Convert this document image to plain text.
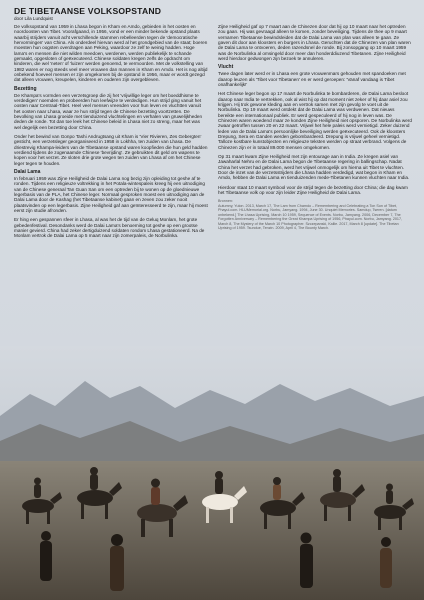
DE TIBETAANSE VOLKSOPSTAND
door Lila Lundquist

De volksopstand van 1959 in Lhasa begon in Kham en Amdo, gebieden in het oosten en noordoosten van Tibet. Voorafgaand, in 1956, vond er een minder bekende opstand plaats waarbij strijders vanuit acht verschillende stammen rebelleerden tegen de 'democratische hervormingen' van China. Als onderdeel hiervan werd al het grondgebied van de staat; boeren moesten hun oogsten overdragen aan Peking, waardoor ze zelf te weinig hadden. Hoge lama's en mensen die niet wilden meedoen, werdenen, werden publiekelijk te schande gemaakt, opgesloten of geëxecuteerd. Chinese soldaten kregen zelfs de opdracht om kinderen, die wel 'neten' of 'luizen' werden genoemd, te vermoorden. Met de volkstelling van 1982 waren er nog steeds veel meer vrouwen dan mannen in Kham en Amdo. Het is nog altijd onbekend hoeveel mensen er zijn omgekomen bij de opstand in 1956, maar er wordt gezegd dat alleen vrouwen, kreupelen, kinderen en ouderen zijn overgebleven.

Bezetting

De Khampa's vormden een verzetsgroep die zij het 'vrijwillige leger om het boeddhisme te verdedigen' noemden en probeerden hun leefwijze te verdedigen. Hun strijd ging vanuit het oosten naar Centraal-Tibet. Heel veel mensen vreesden voor hun leven en vluchtten vanuit het oosten naar Lhasa, waar ze hun strijd tegen de Chinese bezetting voortzetten. De bevolking van Lhasa groeide met tienduizend vluchtelingen en verhalen van gruwelijkheden deden de ronde. Tot dan toe leek het Chinese beleid in Lhasa niet zo streng, maar het was wel degelijk een bezetting door China.

Onder het bewind van Gonpo Tashi Andrugtsang uit Kham is 'Vier Rivieren, Zes Gebergten' gesticht, een verzetsleger georganiseerd in 1958 in Lokhha, ten zuiden van Lhasa. De driestrevig Khampa-leiders van de Tibetaanse opstand waren koopfieden die hun geld hadden verdiend tijdens de zogenaamde Chinese 'bevrijding'. Ze gebruikten dit geld om wapens te kopen voor het verzet. Ze sloten drie grote wegen ten zuiden van Lhasa af om het Chinese leger tegen te houden.

Dalai Lama

In februari 1959 was Zijne Heiligheid de Dalai Lama nog bezig zijn opleiding tot geshe af te ronden. Tijdens een religieuze voltrekking in het Potala-wintespaleis kreeg hij een uitnodiging van de Chinese generaal Tan Guan San om een optreden bij te wonen op de gloednieuwe legerbasis van de PLA, het Chinese leger. Normaal gesproken moest een uitnodiging aan de Dalai Lama door de Kashag (het Tibetaanse kabinet) gaan en zeven zou zeker nooit plaatsvinden op een legerbasis. Zijne Heiligheid gaf aan geïnteresseerd te zijn, maar hij moest eerst zijn studie afronden.

Er hing een gespannen sfeer in Lhasa, al was het de tijd van de Geluq Monlam, het grote gebedenfestival. Desondanks werd de Dalai Lama's benoeming tot geshe op een grootse manier gevierd. China had zeker dertigduizend soldaten rondom Lhasa gestationeerd. Na de Monlam vertrok de Dalai Lama op 5 maart naar zijn zomerpaleis, de Norbulinka.

Zijne Heiligheid gaf op 7 maart aan de Chinezen door dat hij op 10 maart naar het optreden zou gaan. Hij was gevraagd alleen te komen, zonder beveiliging. Tijdens de thee op 9 maart vernamen Tibetaanse bewindsleiden dat de Dalai Lama van plan was alleen te gaan. Ze gaven dit door aan kloosters en burgers in Lhasa. Geruchten dat de Chinezen van plan waren de Dalai Lama te ontvoeren, deden razendsnel de ronde. Bij zonsopgang op 10 maart 1959 was de Norbulinka al omsingeld door meer dan honderddiuzend Tibetanen. Zijne Heiligheid werd hierdoor gedwongen zijn bezoek te annuleren.

Vlucht

Twee dagen later werd er in Lhasa een grote vrouwenmars gehouden met spandoeken met daarop leuzen als 'Tibet voor Tibetanen' en er werd geroepen: 'Vanaf vandaag is Tibet onafhankelijk!'

Het Chinese leger begon op 17 maart de Norbulinka te bombarderen, de Dalai Lama besloot daarop naar India te vertrekken, ook al wist hij op dat moment niet zeker of hij daar asiel zou krijgen. Hij trok gewone kleding aan en vertrok samen met zijn gevolg te voet uit de Norbulinka. Op 19 maart werd ontdekt dat de Dalai Lama was verdwenen. Dat nieuws bereikte een internationaal publiek. Er werd gespeculeerd of hij nog in leven was. De Chinezen waren woedend maar ze konden Zijne Heiligheid niet opsporen. De Norbulinka werd zwaar getroffen tussen 20 en 22 maart. Vrijwel het hele paleis werd vernietigd. Zeker duizend leden van de Dalai Lama's persoonlijke beveiliging werden geëxecuteerd. Ook de kloosters Drepung, Sera en Ganden werden gebombardeerd. Drepung is vrijwel geheel vernietigd. Talloze kostbare kunstobjecten en religieuze teksten werden op straat verbrand. Volgens de Chinezen zijn er in totaal 89.000 mensen omgekomen.

Op 31 maart kwam Zijne Heiligheid met zijn entourage aan in India. Ze kregen asiel van Jawaharlal Nehru en de Dalai Lama begon de Tibetaanse regering in ballingschap. Nadat China het verzet had gebroken, werd het vrijwel onmogelijk om hierna uit Tibet te vluchten. Door de inzet van de verzetsstrijders die Lhasa hadden verdedigd, wat begon in Kham en Amdo, hebben de Dalai Lama en tienduizenden mede-Tibetanen kunnen vluchten naar India.

Hierdoor staat 10 maart symbool voor de strijd tegen de bezetting door China; die dag kwam het Tibetaanse volk op voor zijn leider Zijne Heiligheid de Dalai Lama.

Bronnen:
Autumny, Yulon. 2013, March 17, The Lam from Chamdo – Remembering and Celebrating a Ton Son of Tibet, Phayul.com. HLUMemorial.org. Norbu, Jamyang. 1994, June 30. Unquiet Memories. Samdup, Tseren. [datum onbekend.] The Lhasa Uprising, March 10 1959, Sequence of Events. Norbu, Jamyang. 2006, December 7, The Forgotten Anniversary – Remembering the Great Khampa Uprising of 1956, Phayul.com. Norbu, Jamyang. 2017, March 8, The Mystery of the March 10 Photographer. Szczepanski, Kallie. 2017, March 8 [update]. The Tibetan Uprising of 1959. Tsundue, Tenzin. 2009, April 4, The Bounty March.
